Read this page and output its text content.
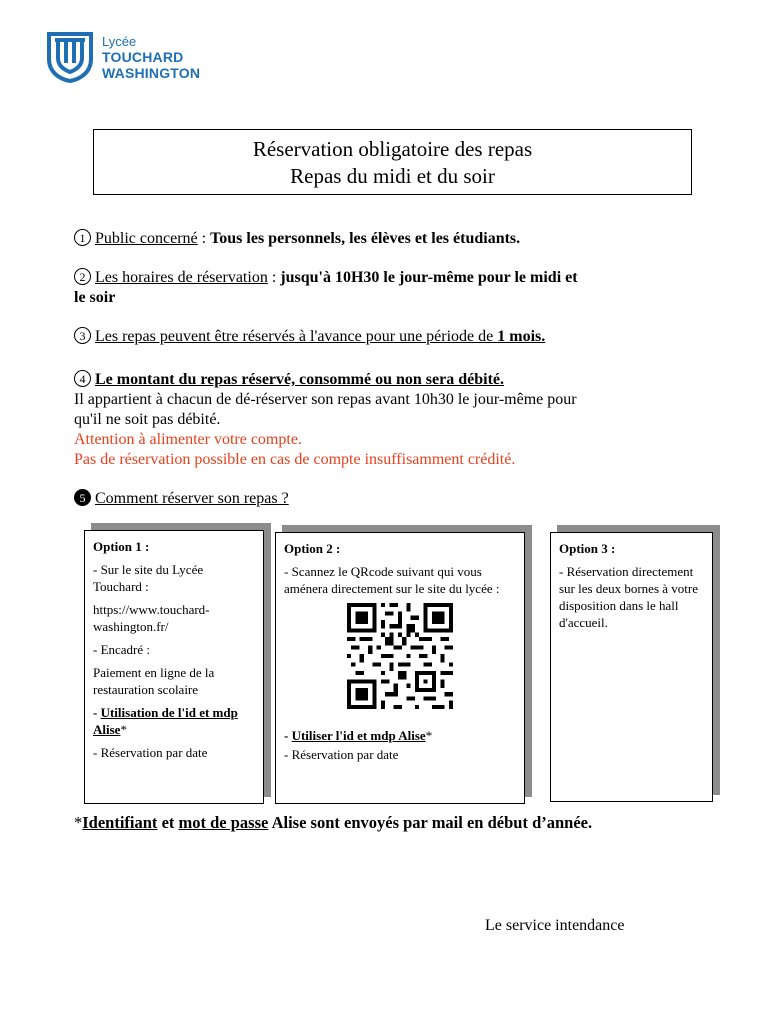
Lycée
TOUCHARD
WASHINGTON
Réservation obligatoire des repas
Repas du midi et du soir
1 Public concerné : Tous les personnels, les élèves et les étudiants.
2 Les horaires de réservation : jusqu'à 10H30 le jour-même pour le midi et
le soir
3 Les repas peuvent être réservés à l'avance pour une période de 1 mois.
4 Le montant du repas réservé, consommé ou non sera débité.
Il appartient à chacun de dé-réserver son repas avant 10h30 le jour-même pour
qu'il ne soit pas débité.
Attention à alimenter votre compte.
Pas de réservation possible en cas de compte insuffisamment crédité.
5 Comment réserver son repas ?
Option 1 :

- Sur le site du Lycée Touchard :

https://www.touchard-washington.fr/

- Encadré :

Paiement en ligne de la restauration scolaire

- Utilisation de l'id et mdp Alise*

- Réservation par date

Option 2 :

- Scannez le QRcode suivant qui vous aménera directement sur le site du lycée :

- Utiliser l'id et mdp Alise*

- Réservation par date

Option 3 :

- Réservation directement sur les deux bornes à votre disposition dans le hall d'accueil.

*Identifiant et mot de passe Alise sont envoyés par mail en début d’année.
Le service intendance
